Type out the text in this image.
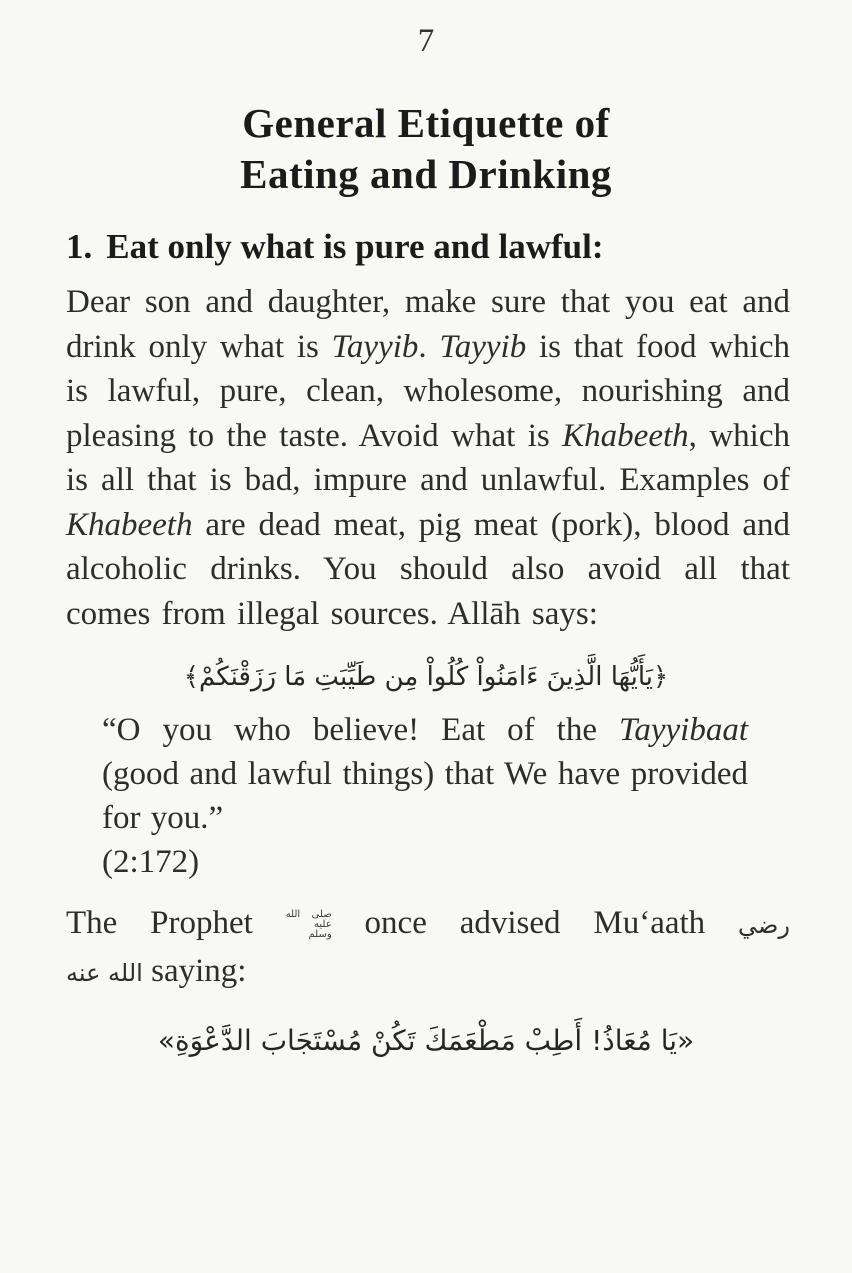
7
General Etiquette of
Eating and Drinking
1. Eat only what is pure and lawful:

Dear son and daughter, make sure that you eat and drink only what is Tayyib. Tayyib is that food which is lawful, pure, clean, wholesome, nourishing and pleasing to the taste. Avoid what is Khabeeth, which is all that is bad, impure and unlawful. Examples of Khabeeth are dead meat, pig meat (pork), blood and alcoholic drinks. You should also avoid all that comes from illegal sources. Allāh says:

﴿يَأَيُّهَا الَّذِينَ ءَامَنُواْ كُلُواْ مِن طَيِّبَتِ مَا رَزَقْنَكُمْ﴾

“O you who believe! Eat of the Tayyibaat (good and lawful things) that We have provided for you.”

(2:172)
The Prophet صلى الله
عليه
وسلم once advised Mu‘aath رضي
الله عنه saying:
«يَا مُعَاذُ! أَطِبْ مَطْعَمَكَ تَكُنْ مُسْتَجَابَ الدَّعْوَةِ»
